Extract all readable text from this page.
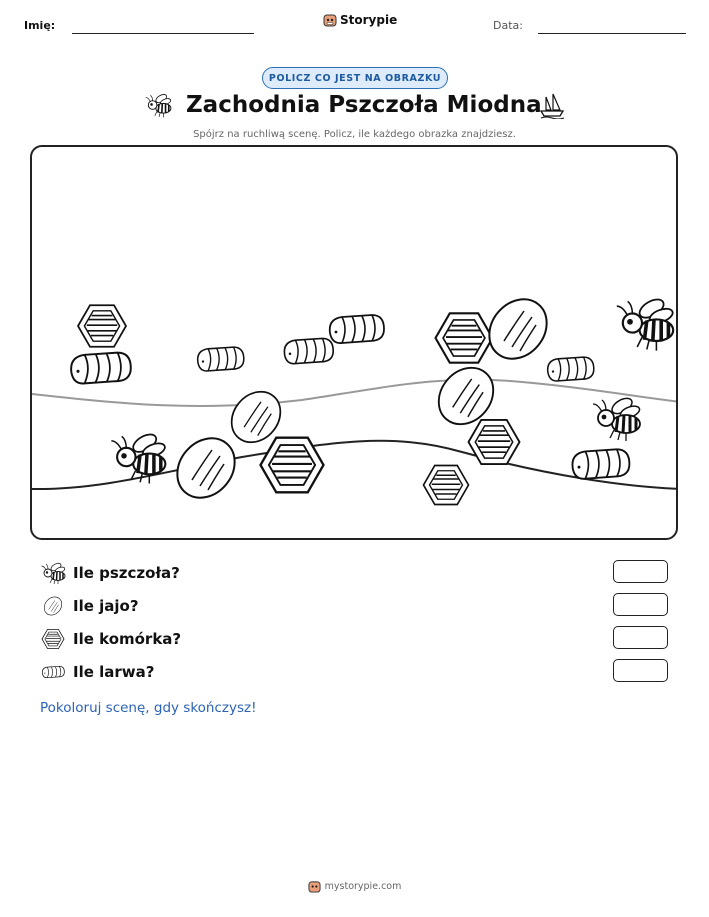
Imię:	Storypie	Data:
POLICZ CO JEST NA OBRAZKU
Zachodnia Pszczoła Miodna
Spójrz na ruchliwą scenę. Policz, ile każdego obrazka znajdziesz.
Ile pszczoła?
Ile jajo?
Ile komórka?
Ile larwa?
Pokoloruj scenę, gdy skończysz!
mystorypie.com
